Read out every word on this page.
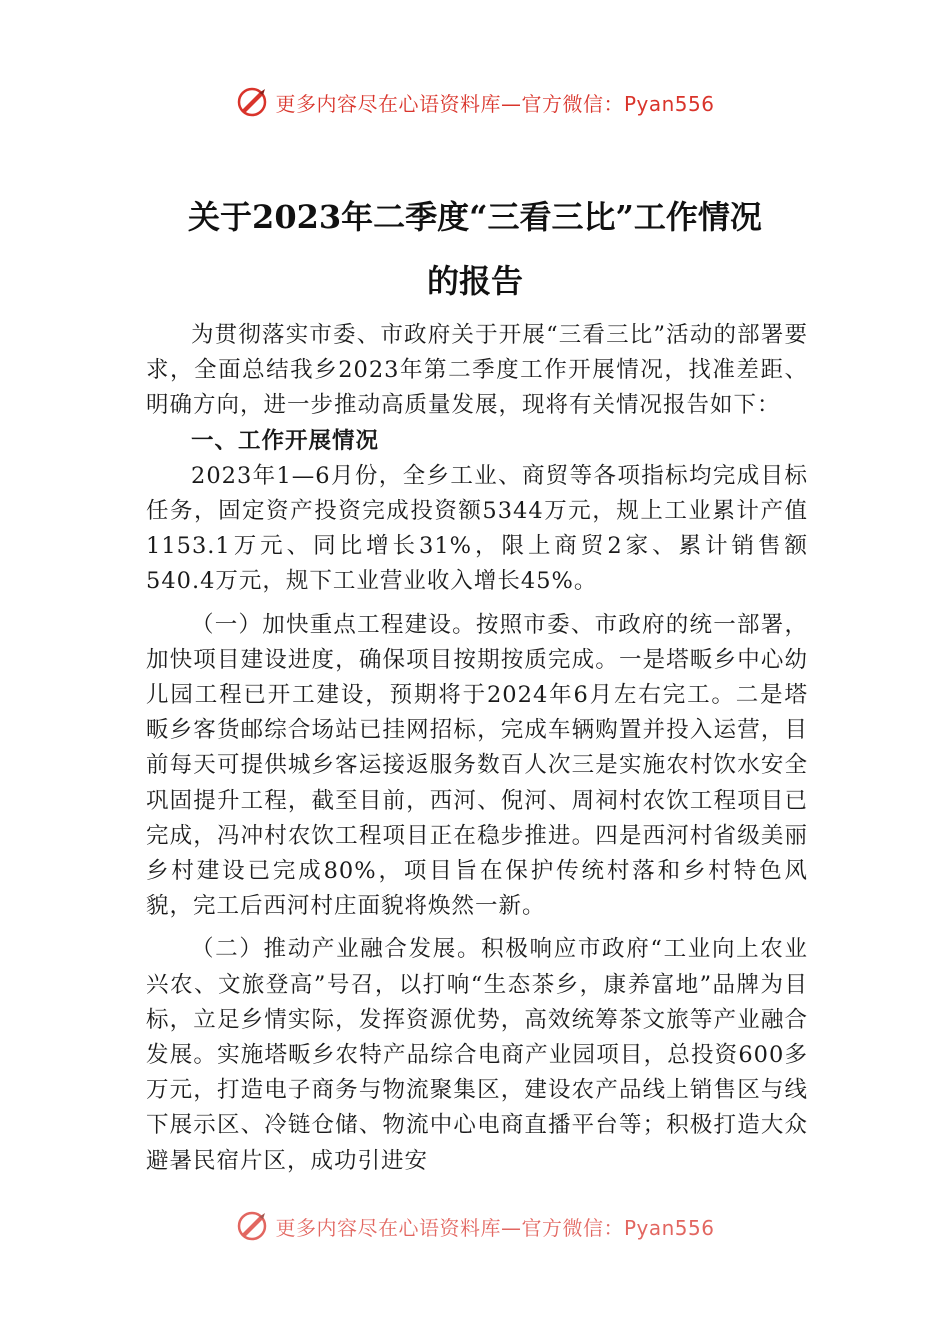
更多内容尽在心语资料库—官方微信：Pyan556
关于2023年二季度“三看三比”工作情况
的报告

为贯彻落实市委、市政府关于开展“三看三比”活动的部署要求，全面总结我乡2023年第二季度工作开展情况，找准差距、明确方向，进一步推动高质量发展，现将有关情况报告如下：

一、工作开展情况

2023年1—6月份，全乡工业、商贸等各项指标均完成目标任务，固定资产投资完成投资额5344万元，规上工业累计产值1153.1万元、同比增长31%，限上商贸2家、累计销售额540.4万元，规下工业营业收入增长45%。

（一）加快重点工程建设。按照市委、市政府的统一部署，加快项目建设进度，确保项目按期按质完成。一是塔畈乡中心幼儿园工程已开工建设，预期将于2024年6月左右完工。二是塔畈乡客货邮综合场站已挂网招标，完成车辆购置并投入运营，目前每天可提供城乡客运接返服务数百人次三是实施农村饮水安全巩固提升工程，截至目前，西河、倪河、周祠村农饮工程项目已完成，冯冲村农饮工程项目正在稳步推进。四是西河村省级美丽乡村建设已完成80%，项目旨在保护传统村落和乡村特色风貌，完工后西河村庄面貌将焕然一新。

（二）推动产业融合发展。积极响应市政府“工业向上农业兴农、文旅登高”号召，以打响“生态茶乡，康养富地”品牌为目标，立足乡情实际，发挥资源优势，高效统筹茶文旅等产业融合发展。实施塔畈乡农特产品综合电商产业园项目，总投资600多万元，打造电子商务与物流聚集区，建设农产品线上销售区与线下展示区、冷链仓储、物流中心电商直播平台等；积极打造大众避暑民宿片区，成功引进安

更多内容尽在心语资料库—官方微信：Pyan556
